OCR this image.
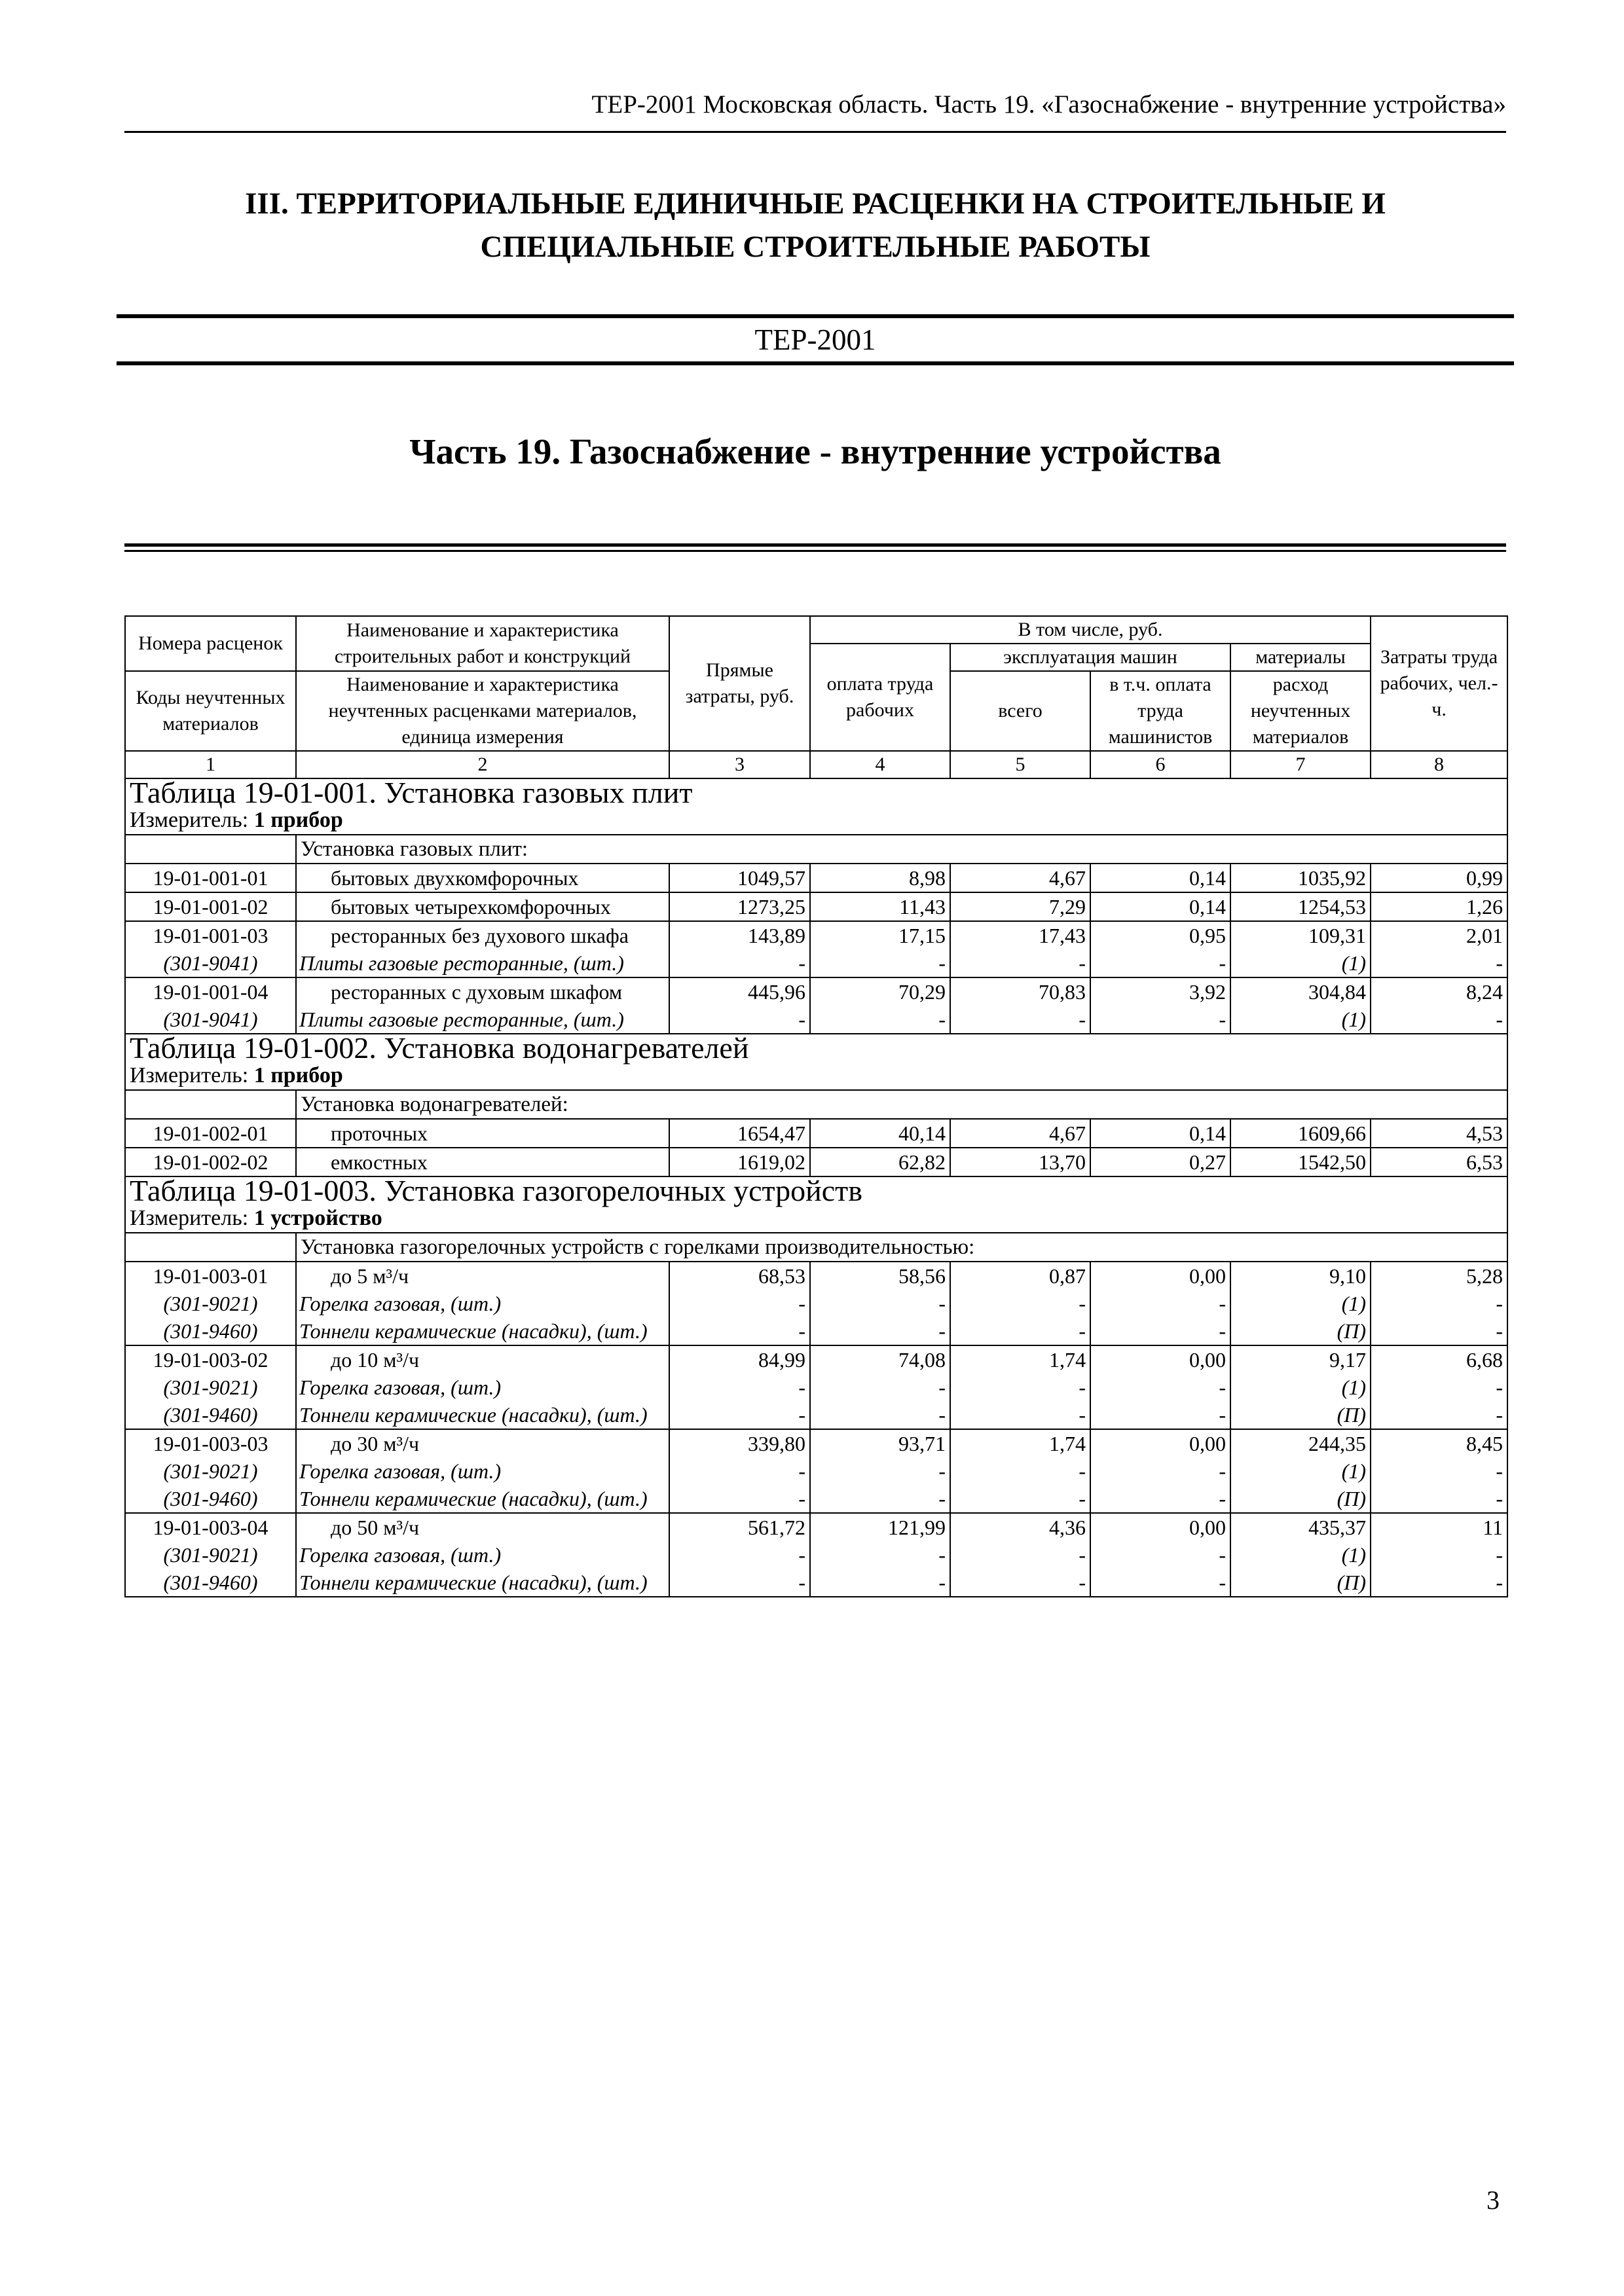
ТЕР-2001 Московская область. Часть 19. «Газоснабжение - внутренние устройства»
III. ТЕРРИТОРИАЛЬНЫЕ ЕДИНИЧНЫЕ РАСЦЕНКИ НА СТРОИТЕЛЬНЫЕ И
СПЕЦИАЛЬНЫЕ СТРОИТЕЛЬНЫЕ РАБОТЫ
ТЕР-2001
Часть 19. Газоснабжение - внутренние устройства
Номера расценок	Наименование и характеристика строительных работ и конструкций	Прямые затраты, руб.	В том числе, руб.				Затраты труда рабочих, чел.-ч.
			оплата труда рабочих	эксплуатация машин		материалы	
Коды неучтенных материалов	Наименование и характеристика неучтенных расценками материалов, единица измерения			всего	в т.ч. оплата труда машинистов	расход неучтенных материалов	

1	2	3	4	5	6	7	8
Таблица 19-01-001. Установка газовых плит							
Измеритель: 1 прибор							
	Установка газовых плит:						
19-01-001-01	бытовых двухкомфорочных	1049,57	8,98	4,67	0,14	1035,92	0,99
19-01-001-02	бытовых четырехкомфорочных	1273,25	11,43	7,29	0,14	1254,53	1,26
19-01-001-03	ресторанных без духового шкафа	143,89	17,15	17,43	0,95	109,31	2,01
(301-9041)	Плиты газовые ресторанные, (шт.)	-	-	-	-	(1)	-
19-01-001-04	ресторанных с духовым шкафом	445,96	70,29	70,83	3,92	304,84	8,24
(301-9041)	Плиты газовые ресторанные, (шт.)	-	-	-	-	(1)	-
Таблица 19-01-002. Установка водонагревателей							
Измеритель: 1 прибор							
	Установка водонагревателей:						
19-01-002-01	проточных	1654,47	40,14	4,67	0,14	1609,66	4,53
19-01-002-02	емкостных	1619,02	62,82	13,70	0,27	1542,50	6,53
Таблица 19-01-003. Установка газогорелочных устройств							
Измеритель: 1 устройство							
	Установка газогорелочных устройств с горелками производительностью:						
19-01-003-01	до 5 м³/ч	68,53	58,56	0,87	0,00	9,10	5,28
(301-9021)	Горелка газовая, (шт.)	-	-	-	-	(1)	-
(301-9460)	Тоннели керамические (насадки), (шт.)	-	-	-	-	(П)	-
19-01-003-02	до 10 м³/ч	84,99	74,08	1,74	0,00	9,17	6,68
(301-9021)	Горелка газовая, (шт.)	-	-	-	-	(1)	-
(301-9460)	Тоннели керамические (насадки), (шт.)	-	-	-	-	(П)	-
19-01-003-03	до 30 м³/ч	339,80	93,71	1,74	0,00	244,35	8,45
(301-9021)	Горелка газовая, (шт.)	-	-	-	-	(1)	-
(301-9460)	Тоннели керамические (насадки), (шт.)	-	-	-	-	(П)	-
19-01-003-04	до 50 м³/ч	561,72	121,99	4,36	0,00	435,37	11
(301-9021)	Горелка газовая, (шт.)	-	-	-	-	(1)	-
(301-9460)	Тоннели керамические (насадки), (шт.)	-	-	-	-	(П)	-
3
